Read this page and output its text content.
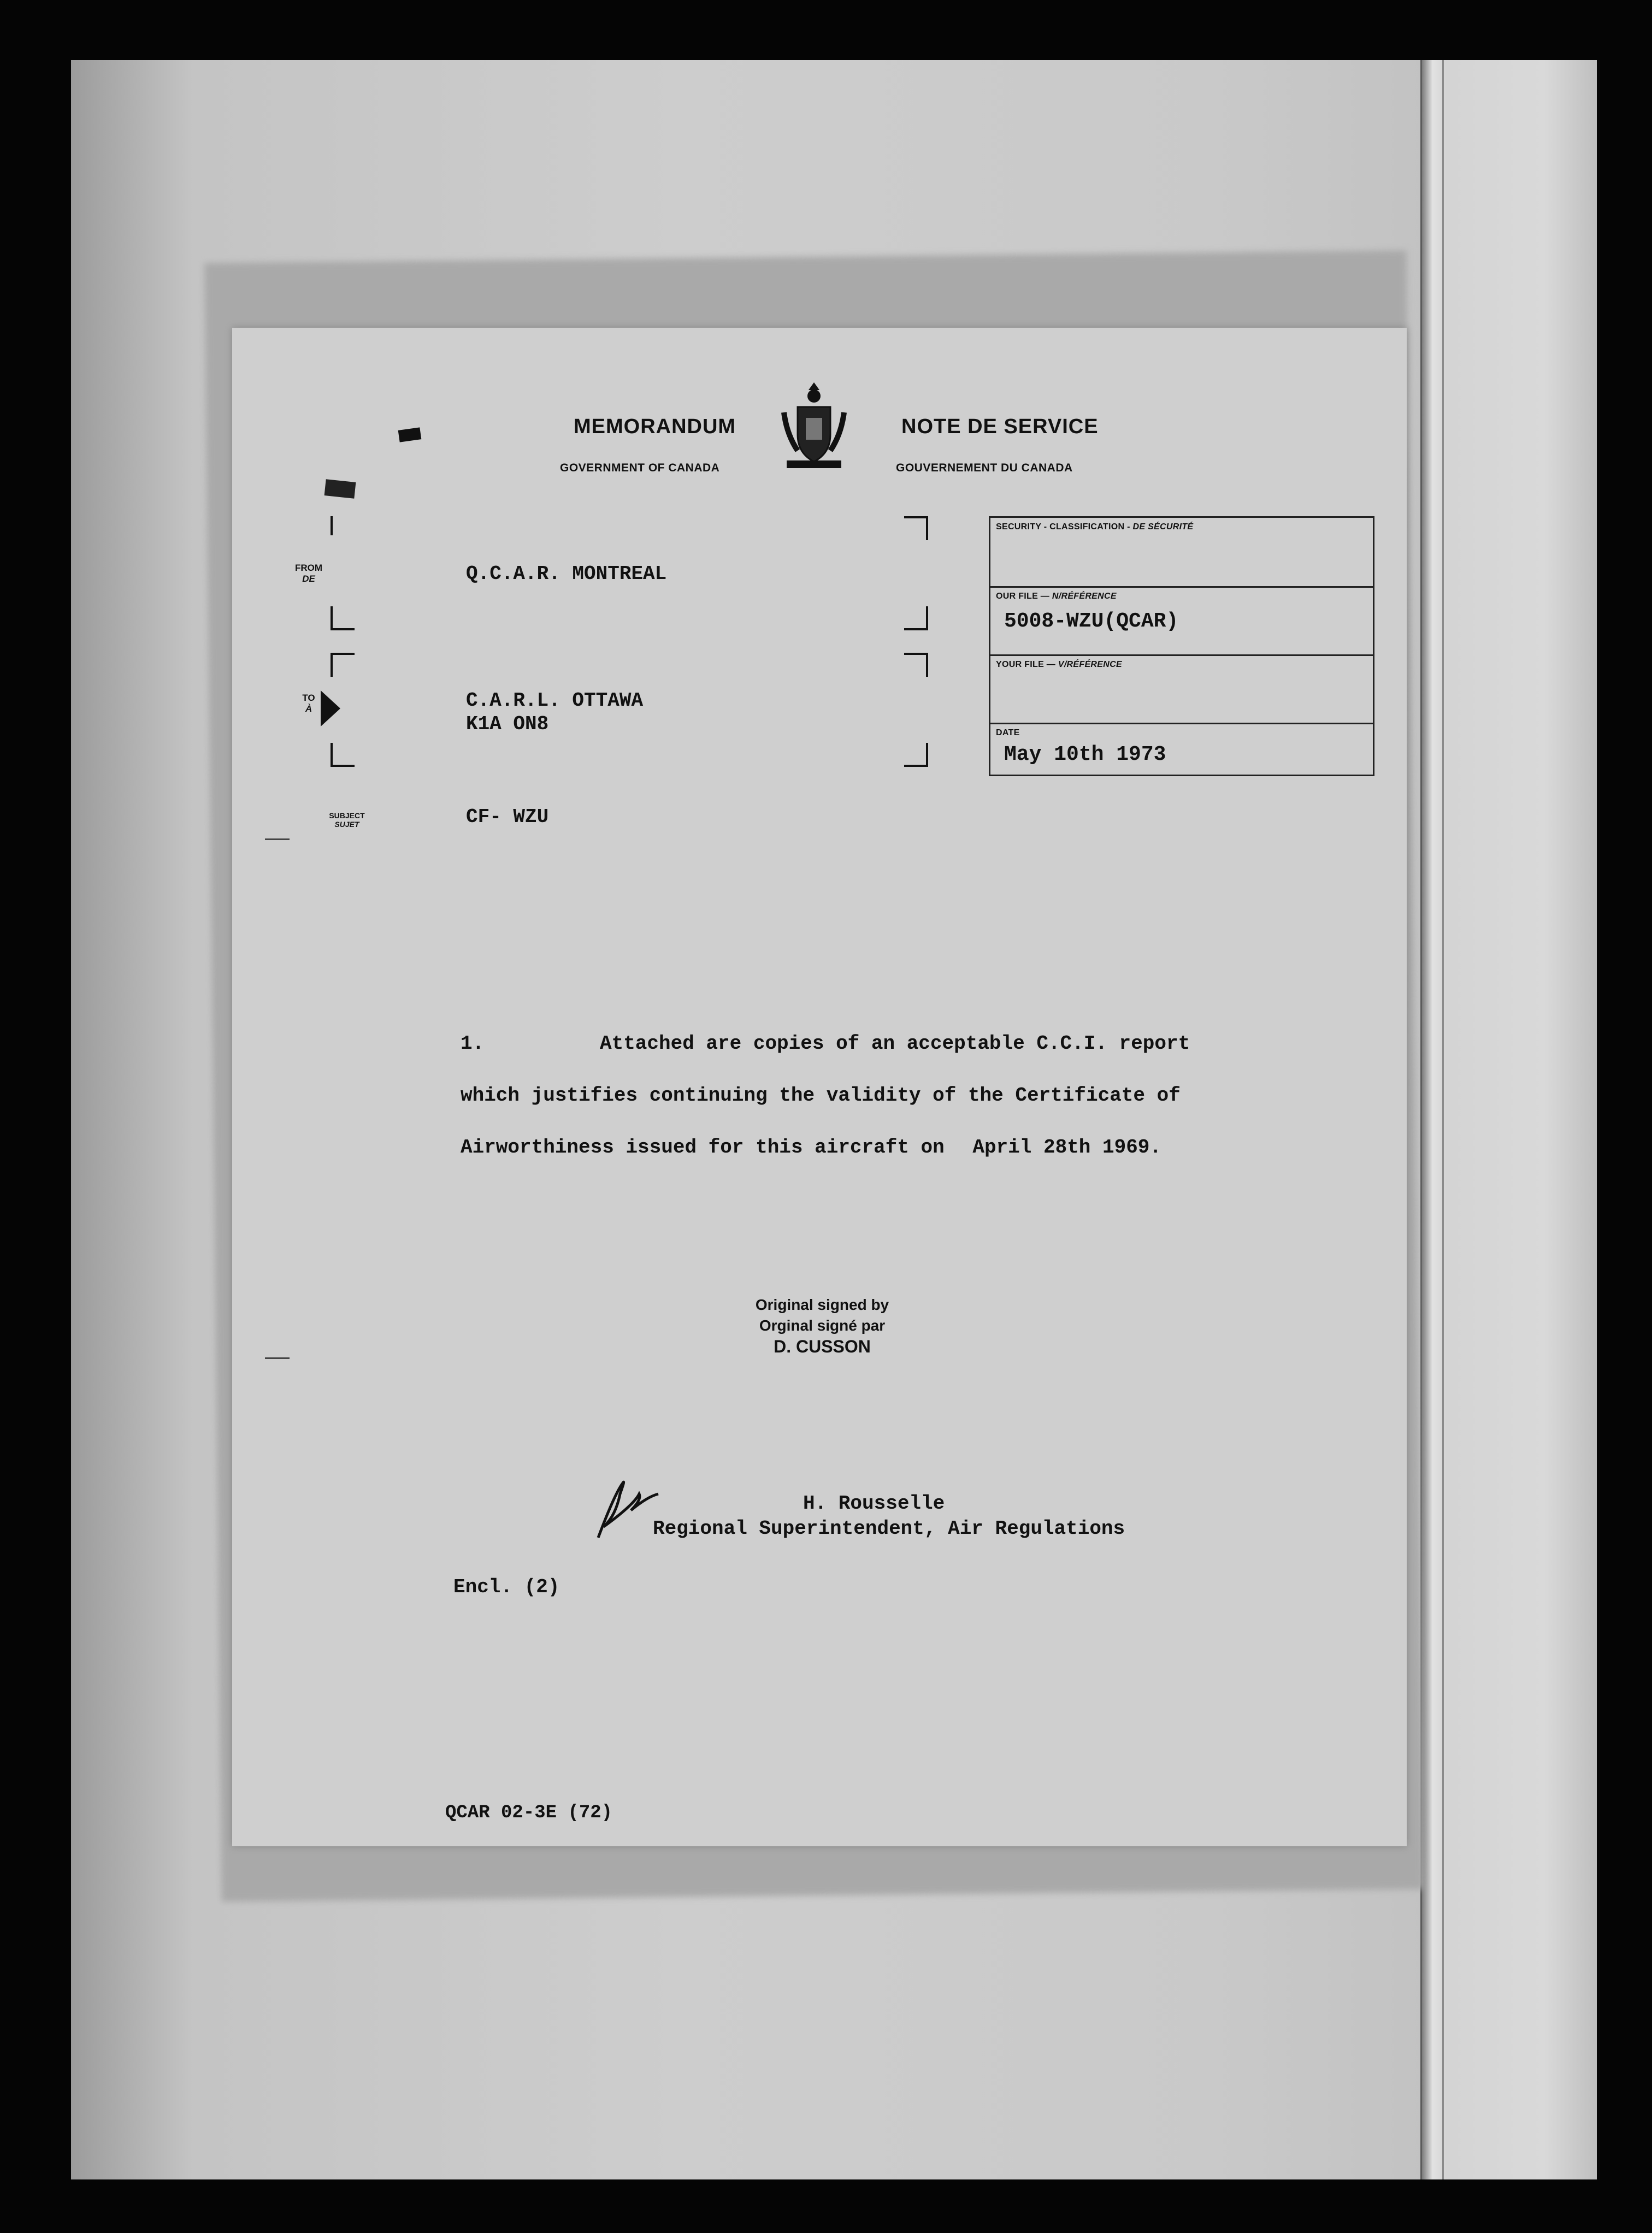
MEMORANDUM
GOVERNMENT OF CANADA
NOTE DE SERVICE
GOUVERNEMENT DU CANADA
FROM
DE	Q.C.A.R. MONTREAL
TO
À	C.A.R.L. OTTAWA
K1A ON8
SUBJECT
SUJET	CF- WZU
SECURITY - CLASSIFICATION - DE SÉCURITÉ
OUR FILE — N/RÉFÉRENCE
5008-WZU(QCAR)
YOUR FILE — V/RÉFÉRENCE
DATE
May 10th 1973
1.	Attached are copies of an acceptable C.C.I. report
which justifies continuing the validity of the Certificate of
Airworthiness issued for this aircraft on April 28th 1969.
Original signed by
Orginal signé par
D. CUSSON
H. Rousselle
Regional Superintendent, Air Regulations
Encl. (2)
QCAR 02-3E (72)
